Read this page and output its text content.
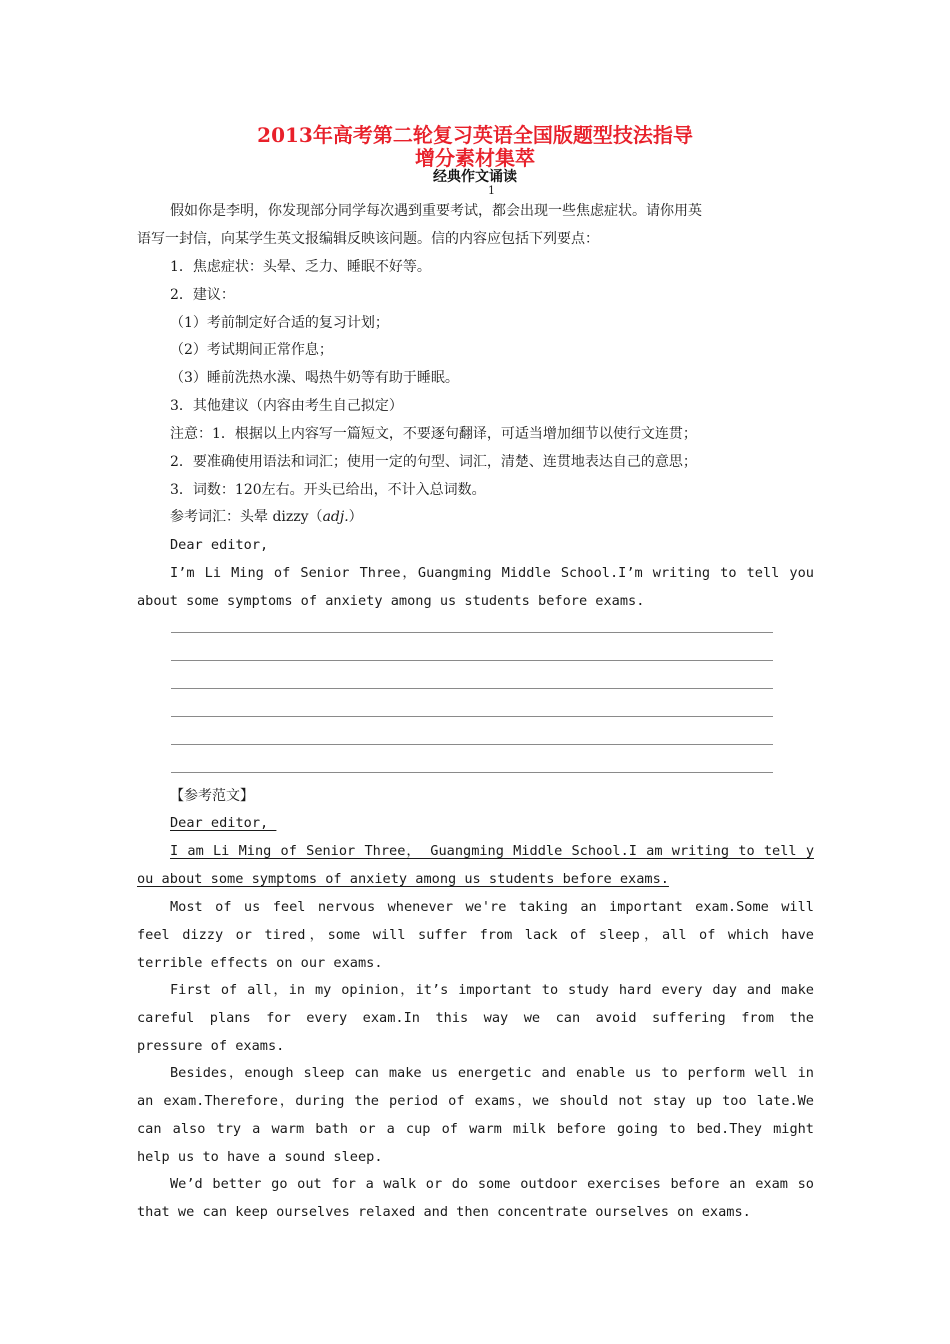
2013年高考第二轮复习英语全国版题型技法指导
增分素材集萃
经典作文诵读
1
假如你是李明，你发现部分同学每次遇到重要考试，都会出现一些焦虑症状。请你用英
语写一封信，向某学生英文报编辑反映该问题。信的内容应包括下列要点：
1．焦虑症状：头晕、乏力、睡眠不好等。
2．建议：
（1）考前制定好合适的复习计划；
（2）考试期间正常作息；
（3）睡前洗热水澡、喝热牛奶等有助于睡眠。
3．其他建议（内容由考生自己拟定）
注意：1．根据以上内容写一篇短文，不要逐句翻译，可适当增加细节以使行文连贯；
2．要准确使用语法和词汇；使用一定的句型、词汇，清楚、连贯地表达自己的意思；
3．词数：120左右。开头已给出，不计入总词数。
参考词汇：头晕 dizzy（adj.）
Dear editor,
I’m Li Ming of Senior Three，Guangming Middle School.I’m writing to tell you
about some symptoms of anxiety among us students before exams.
【参考范文】
Dear editor,
I am Li Ming of Senior Three， Guangming Middle School.I am writing to tell y
ou about some symptoms of anxiety among us students before exams.
Most of us feel nervous whenever we're taking an important exam.Some will
feel dizzy or tired，some will suffer from lack of sleep，all of which have
terrible effects on our exams.
First of all，in my opinion，it’s important to study hard every day and make
careful plans for every exam.In this way we can avoid suffering from the
pressure of exams.
Besides，enough sleep can make us energetic and enable us to perform well in
an exam.Therefore，during the period of exams，we should not stay up too late.We
can also try a warm bath or a cup of warm milk before going to bed.They might
help us to have a sound sleep.
We’d better go out for a walk or do some outdoor exercises before an exam so
that we can keep ourselves relaxed and then concentrate ourselves on exams.
